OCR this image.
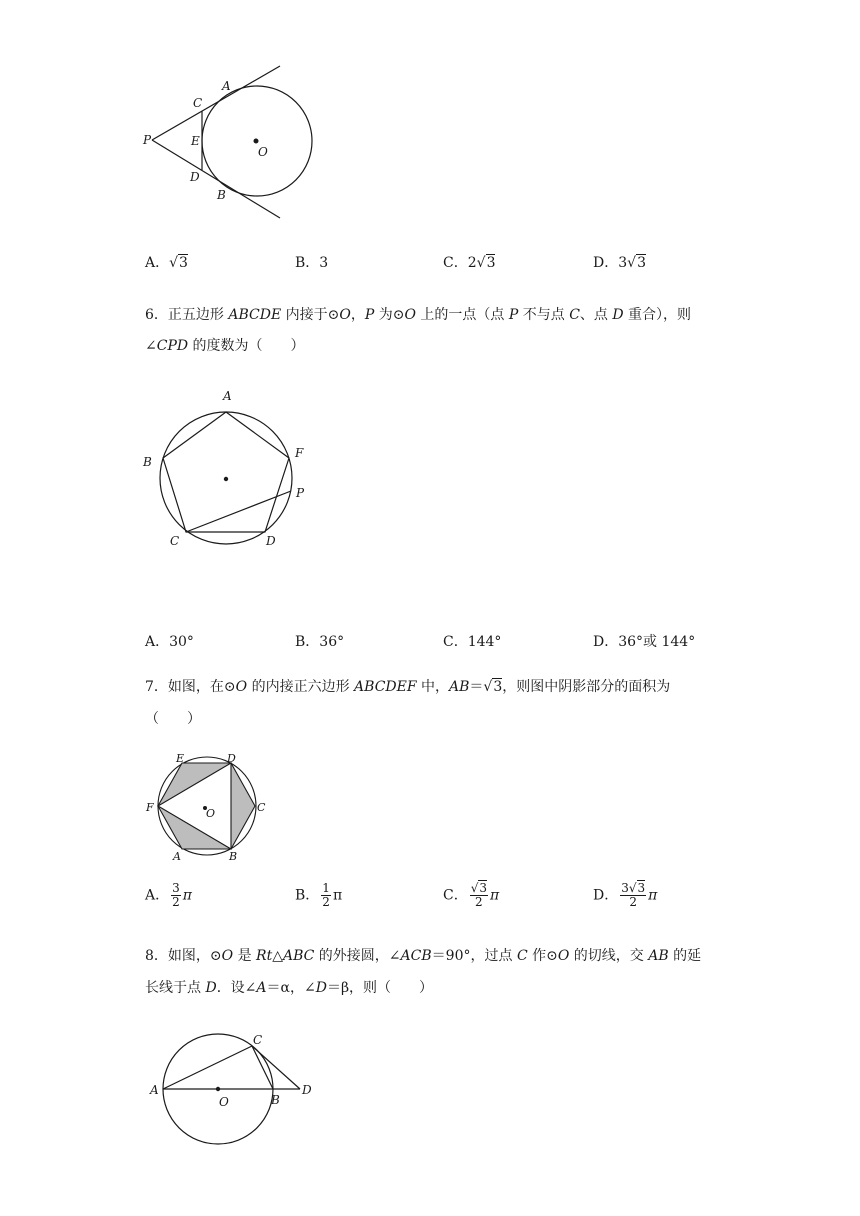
A
C
E
P
O
D
B
A．√3	B．3	C．2√3	D．3√3
6．正五边形 ABCDE 内接于⊙O，P 为⊙O 上的一点（点 P 不与点 C、点 D 重合），则
∠CPD 的度数为（　　）
A
B
F
P
C	D
A．30°	B．36°	C．144°	D．36°或 144°
7．如图，在⊙O 的内接正六边形 ABCDEF 中，AB＝√3，则图中阴影部分的面积为
（　　）
E	D
F	O	C
A	B
A． $\frac{3}{2}$ π	B． $\frac{1}{2}$ π	C． $\frac{√3}{2}$ π	D． $\frac{3√3}{2}$ π
8．如图，⊙O 是 Rt△ABC 的外接圆，∠ACB＝90°，过点 C 作⊙O 的切线，交 AB 的延
长线于点 D．设∠A＝α，∠D＝β，则（　　）
A
C
D
O	B
